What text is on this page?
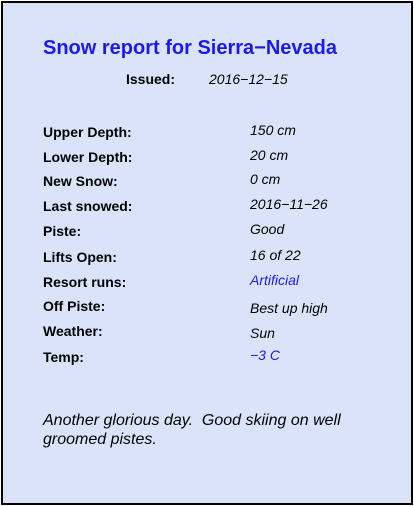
Snow report for Sierra−Nevada
Issued: 2016−12−15
Upper Depth:	150 cm
Lower Depth:	20 cm
New Snow:	0 cm
Last snowed:	2016−11−26
Piste:	Good
Lifts Open:	16 of 22
Resort runs:	Artificial
Off Piste:	Best up high
Weather:	Sun
Temp:	−3 C
Another glorious day.  Good skiing on well groomed pistes.
